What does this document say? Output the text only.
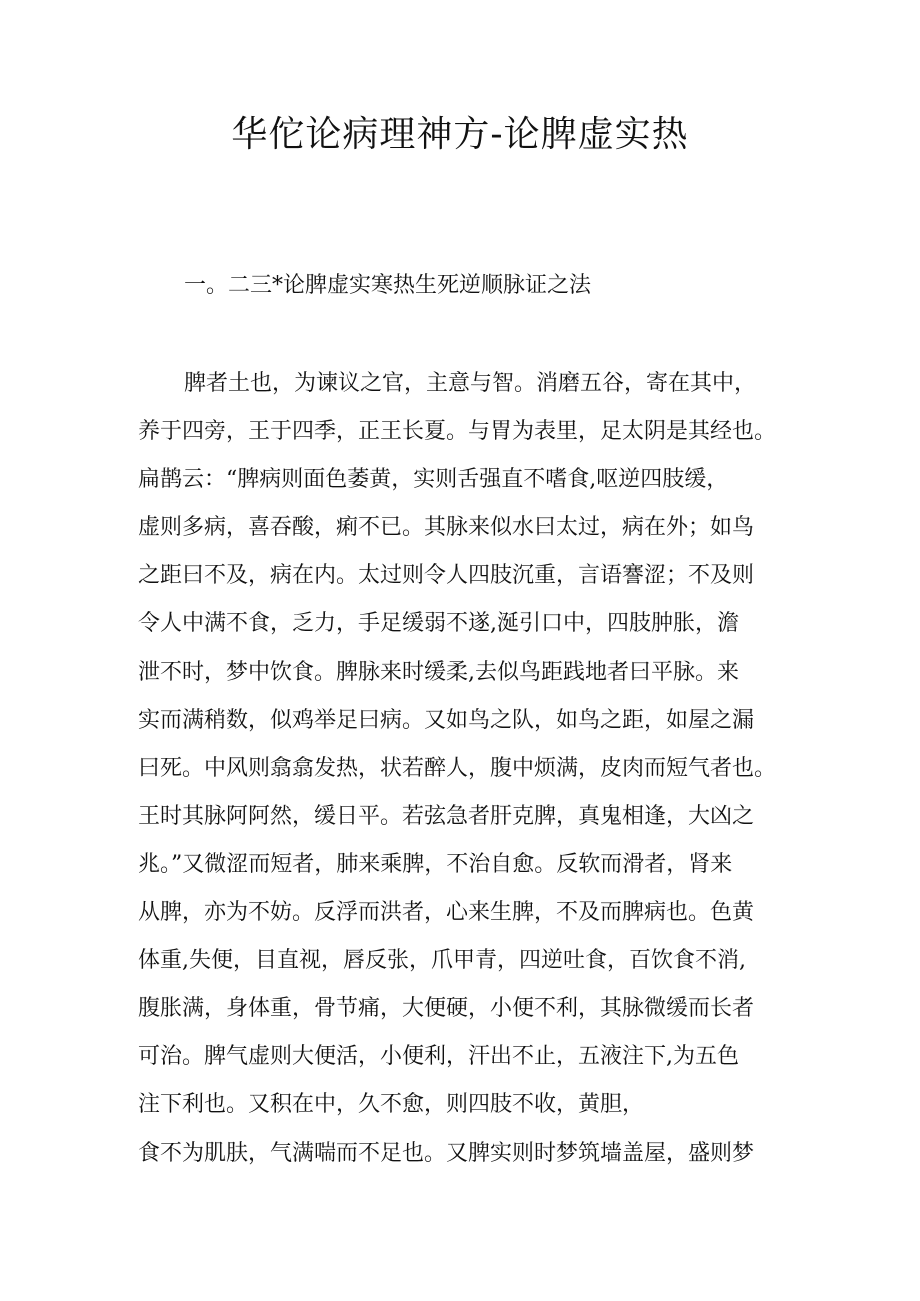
华佗论病理神方-论脾虚实热

一。二三*论脾虚实寒热生死逆顺脉证之法

脾者土也，为谏议之官，主意与智。消磨五谷，寄在其中，
养于四旁，王于四季，正王长夏。与胃为表里，足太阴是其经也。
扁鹊云：“脾病则面色萎黄，实则舌强直不嗜食,呕逆四肢缓，
虚则多病，喜吞酸，痢不已。其脉来似水曰太过，病在外；如鸟
之距曰不及，病在内。太过则令人四肢沉重，言语謇涩；不及则
令人中满不食，乏力，手足缓弱不遂,涎引口中，四肢肿胀，澹
泄不时，梦中饮食。脾脉来时缓柔,去似鸟距践地者曰平脉。来
实而满稍数，似鸡举足曰病。又如鸟之队，如鸟之距，如屋之漏
曰死。中风则翕翕发热，状若醉人，腹中烦满，皮肉而短气者也。
王时其脉阿阿然，缓日平。若弦急者肝克脾，真鬼相逢，大凶之
兆。”又微涩而短者，肺来乘脾，不治自愈。反软而滑者，肾来
从脾，亦为不妨。反浮而洪者，心来生脾，不及而脾病也。色黄
体重,失便，目直视，唇反张，爪甲青，四逆吐食，百饮食不消,
腹胀满，身体重，骨节痛，大便硬，小便不利，其脉微缓而长者
可治。脾气虚则大便活，小便利，汗出不止，五液注下,为五色
注下利也。又积在中，久不愈，则四肢不收，黄胆，
食不为肌肤，气满喘而不足也。又脾实则时梦筑墙盖屋，盛则梦
